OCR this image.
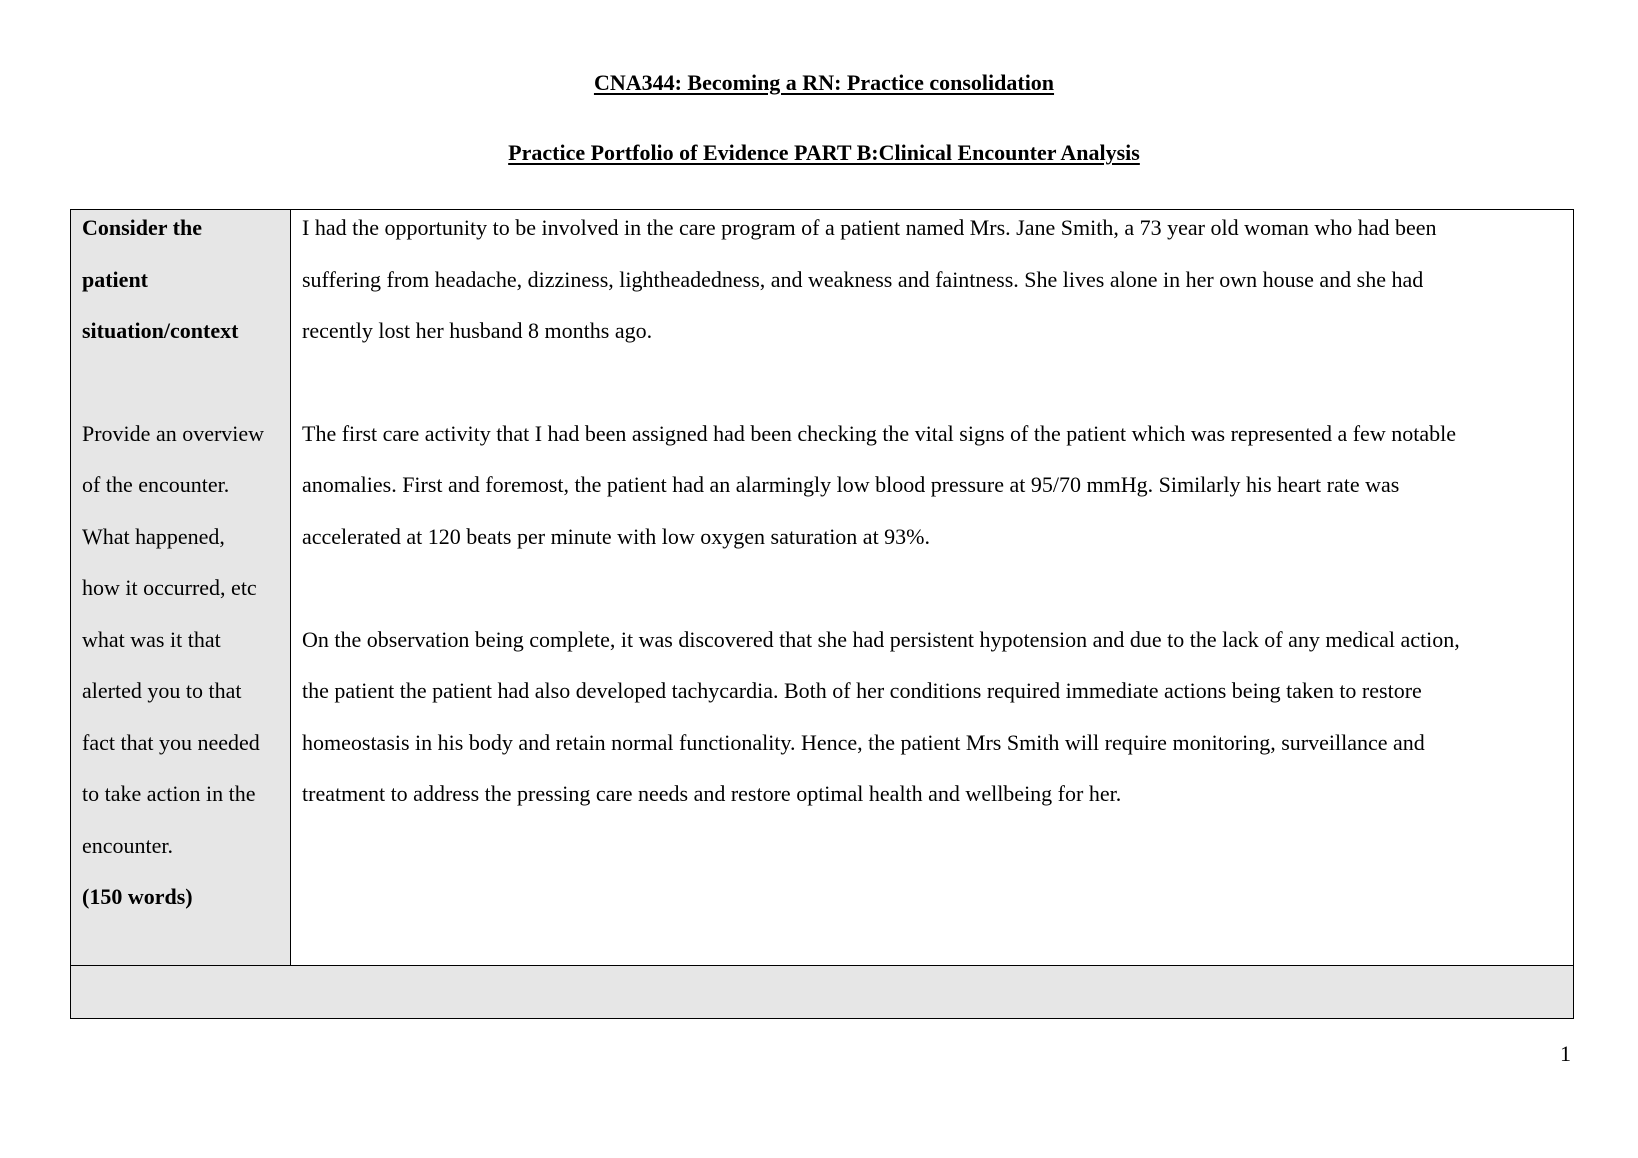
CNA344: Becoming a RN: Practice consolidation
Practice Portfolio of Evidence PART B:Clinical Encounter Analysis
Consider the
patient
situation/context
Provide an overview
of the encounter.
What happened,
how it occurred, etc
what was it that
alerted you to that
fact that you needed
to take action in the
encounter.
(150 words)
I had the opportunity to be involved in the care program of a patient named Mrs. Jane Smith, a 73 year old woman who had been
suffering from headache, dizziness, lightheadedness, and weakness and faintness. She lives alone in her own house and she had
recently lost her husband 8 months ago.
The first care activity that I had been assigned had been checking the vital signs of the patient which was represented a few notable
anomalies. First and foremost, the patient had an alarmingly low blood pressure at 95/70 mmHg. Similarly his heart rate was
accelerated at 120 beats per minute with low oxygen saturation at 93%.
On the observation being complete, it was discovered that she had persistent hypotension and due to the lack of any medical action,
the patient the patient had also developed tachycardia. Both of her conditions required immediate actions being taken to restore
homeostasis in his body and retain normal functionality. Hence, the patient Mrs Smith will require monitoring, surveillance and
treatment to address the pressing care needs and restore optimal health and wellbeing for her.
1
